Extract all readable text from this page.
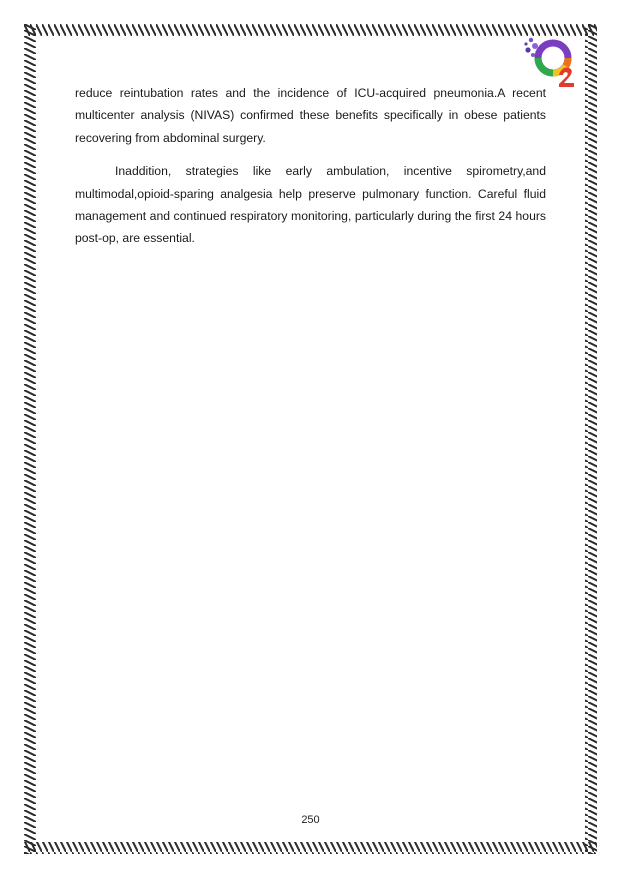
reduce reintubation rates and the incidence of ICU-acquired pneumonia.A recent multicenter analysis (NIVAS) confirmed these benefits specifically in obese patients recovering from abdominal surgery.

Inaddition, strategies like early ambulation, incentive spirometry,and multimodal,opioid-sparing analgesia help preserve pulmonary function. Careful fluid management and continued respiratory monitoring, particularly during the first 24 hours post-op, are essential.

250
